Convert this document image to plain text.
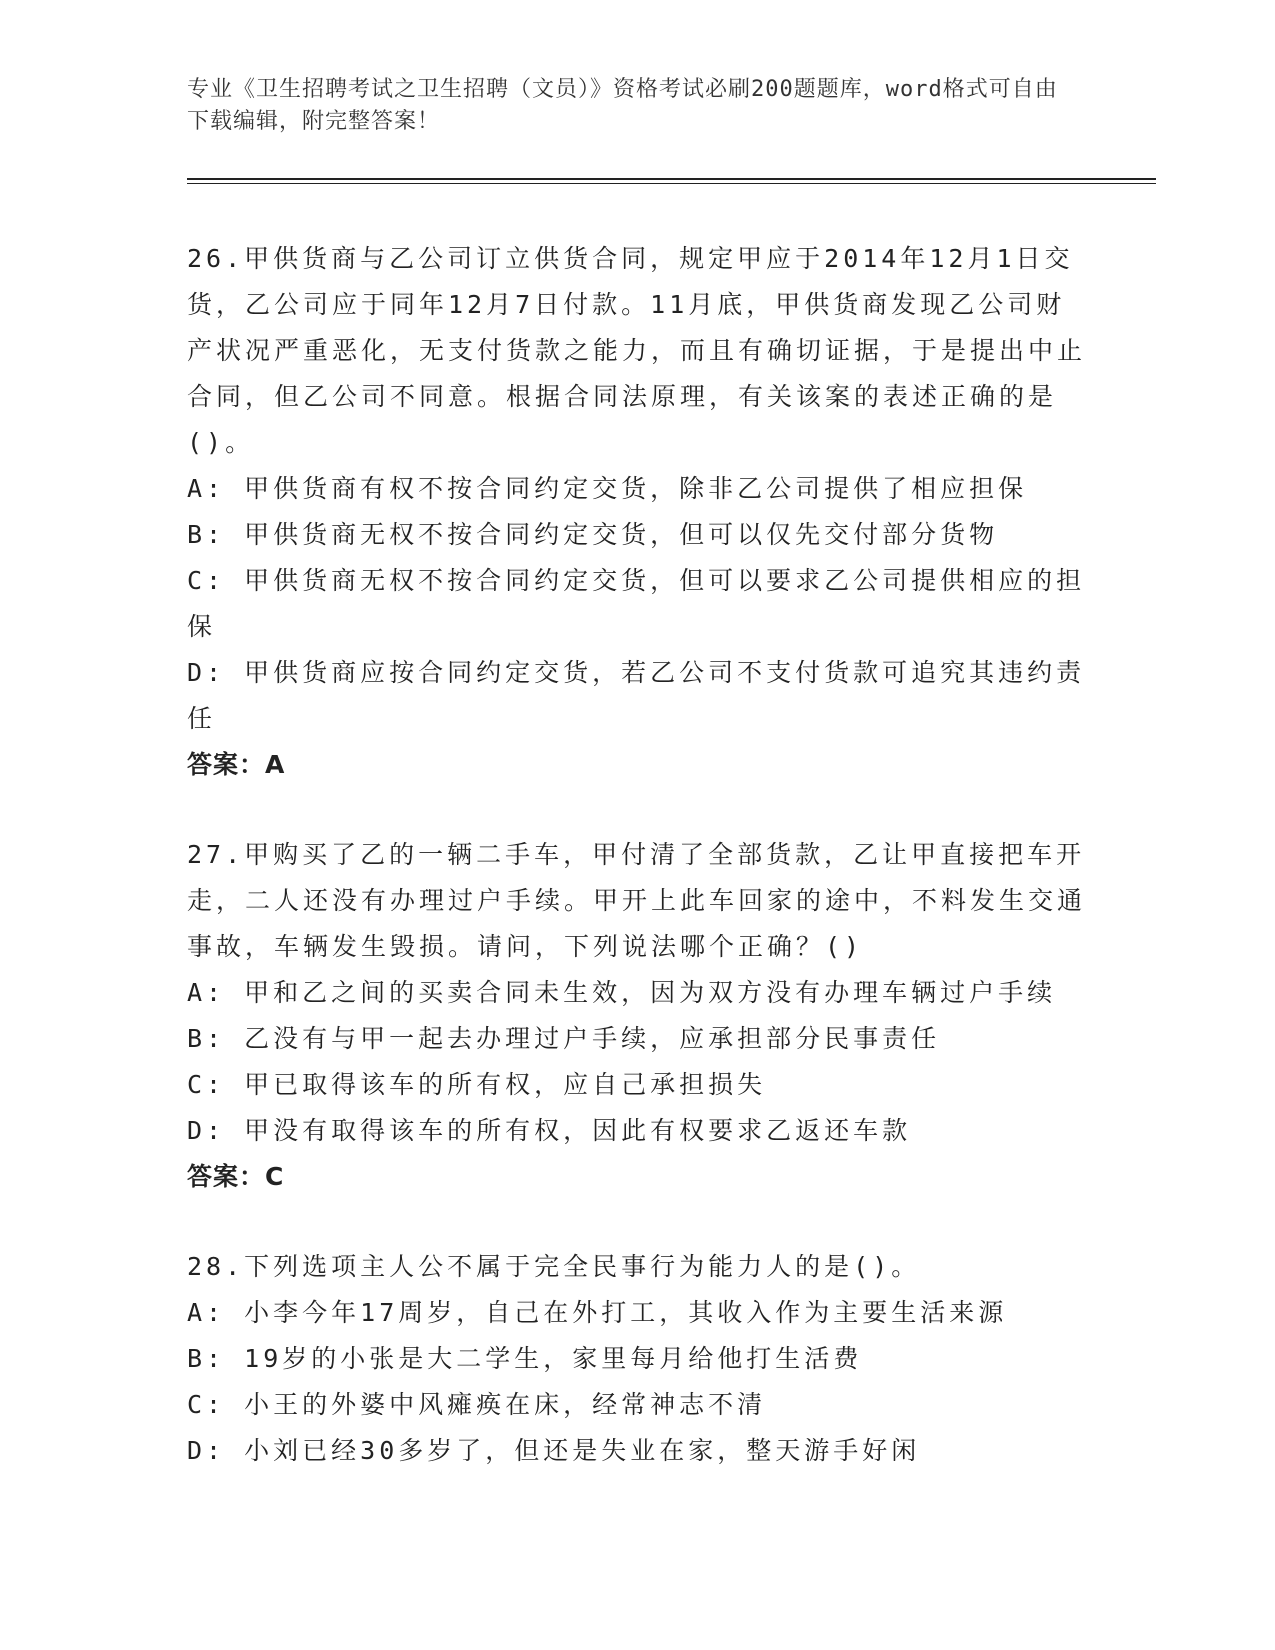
专业《卫生招聘考试之卫生招聘（文员）》资格考试必刷200题题库，word格式可自由下载编辑，附完整答案！

26.甲供货商与乙公司订立供货合同，规定甲应于2014年12月1日交货，乙公司应于同年12月7日付款。11月底，甲供货商发现乙公司财产状况严重恶化，无支付货款之能力，而且有确切证据，于是提出中止合同，但乙公司不同意。根据合同法原理，有关该案的表述正确的是()。

A: 甲供货商有权不按合同约定交货，除非乙公司提供了相应担保

B: 甲供货商无权不按合同约定交货，但可以仅先交付部分货物

C: 甲供货商无权不按合同约定交货，但可以要求乙公司提供相应的担保

D: 甲供货商应按合同约定交货，若乙公司不支付货款可追究其违约责任

答案：A

27.甲购买了乙的一辆二手车，甲付清了全部货款，乙让甲直接把车开走，二人还没有办理过户手续。甲开上此车回家的途中，不料发生交通事故，车辆发生毁损。请问，下列说法哪个正确？()

A: 甲和乙之间的买卖合同未生效，因为双方没有办理车辆过户手续

B: 乙没有与甲一起去办理过户手续，应承担部分民事责任

C: 甲已取得该车的所有权，应自己承担损失

D: 甲没有取得该车的所有权，因此有权要求乙返还车款

答案：C

28.下列选项主人公不属于完全民事行为能力人的是()。

A: 小李今年17周岁，自己在外打工，其收入作为主要生活来源

B: 19岁的小张是大二学生，家里每月给他打生活费

C: 小王的外婆中风瘫痪在床，经常神志不清

D: 小刘已经30多岁了，但还是失业在家，整天游手好闲
